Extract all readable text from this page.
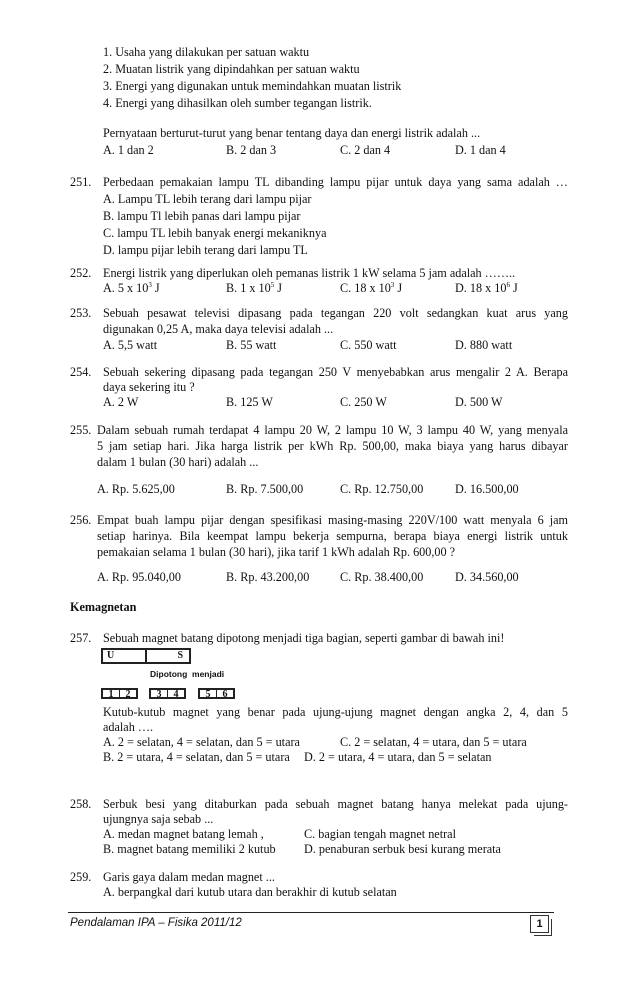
1. Usaha yang dilakukan per satuan waktu
2. Muatan listrik yang dipindahkan per satuan waktu
3. Energi yang digunakan untuk memindahkan muatan listrik
4. Energi yang dihasilkan oleh sumber tegangan listrik.
Pernyataan berturut-turut yang benar tentang daya dan energi listrik adalah ...
A. 1 dan 2	B. 2 dan 3	C. 2 dan 4	D. 1 dan 4
251. Perbedaan pemakaian lampu TL dibanding lampu pijar untuk daya yang sama adalah …
A. Lampu TL lebih terang dari lampu pijar
B. lampu Tl lebih panas dari lampu pijar
C. lampu TL lebih banyak energi mekaniknya
D. lampu pijar lebih terang dari lampu TL
252. Energi listrik yang diperlukan oleh pemanas listrik 1 kW selama 5 jam adalah ……..
A. 5 x $10^3$ J	B. 1 x $10^5$ J	C. 18 x $10^3$ J	D. 18 x $10^6$ J
253. Sebuah pesawat televisi dipasang pada tegangan 220 volt sedangkan kuat arus yang
digunakan 0,25 A, maka daya televisi adalah ...
A. 5,5 watt	B. 55 watt	C. 550 watt	D. 880 watt
254. Sebuah sekering dipasang pada tegangan 250 V menyebabkan arus mengalir 2 A. Berapa
daya sekering itu ?
A. 2 W	B. 125 W	C. 250 W	D. 500 W
255. Dalam sebuah rumah terdapat 4 lampu 20 W, 2 lampu 10 W, 3 lampu 40 W, yang menyala
5 jam setiap hari. Jika harga listrik per kWh Rp. 500,00, maka biaya yang harus dibayar
dalam 1 bulan (30 hari) adalah ...
A. Rp. 5.625,00	B. Rp. 7.500,00	C. Rp. 12.750,00	D. 16.500,00
256. Empat buah lampu pijar dengan spesifikasi masing-masing 220V/100 watt menyala 6 jam
setiap harinya. Bila keempat lampu bekerja sempurna, berapa biaya energi listrik untuk
pemakaian selama 1 bulan (30 hari), jika tarif 1 kWh adalah Rp. 600,00 ?
A. Rp. 95.040,00	B. Rp. 43.200,00	C. Rp. 38.400,00	D. 34.560,00
Kemagnetan
257. Sebuah magnet batang dipotong menjadi tiga bagian, seperti gambar di bawah ini!
U	S
Dipotong  menjadi
1	2	3	4	5	6
Kutub-kutub magnet yang benar pada ujung-ujung magnet dengan angka 2, 4, dan 5
adalah ….
A. 2 = selatan, 4 = selatan, dan 5 = utara	C. 2 = selatan, 4 = utara, dan 5 = utara
B. 2 = utara, 4 = selatan, dan 5 = utara D. 2 = utara, 4 = utara, dan 5 = selatan
258. Serbuk besi yang ditaburkan pada sebuah magnet batang hanya melekat pada ujung-
ujungnya saja sebab ...
A. medan magnet batang lemah ,	C. bagian tengah magnet netral
B. magnet batang memiliki 2 kutub D. penaburan serbuk besi kurang merata
259. Garis gaya dalam medan magnet ...
A. berpangkal dari kutub utara dan berakhir di kutub selatan
Pendalaman IPA – Fisika 2011/12	1
